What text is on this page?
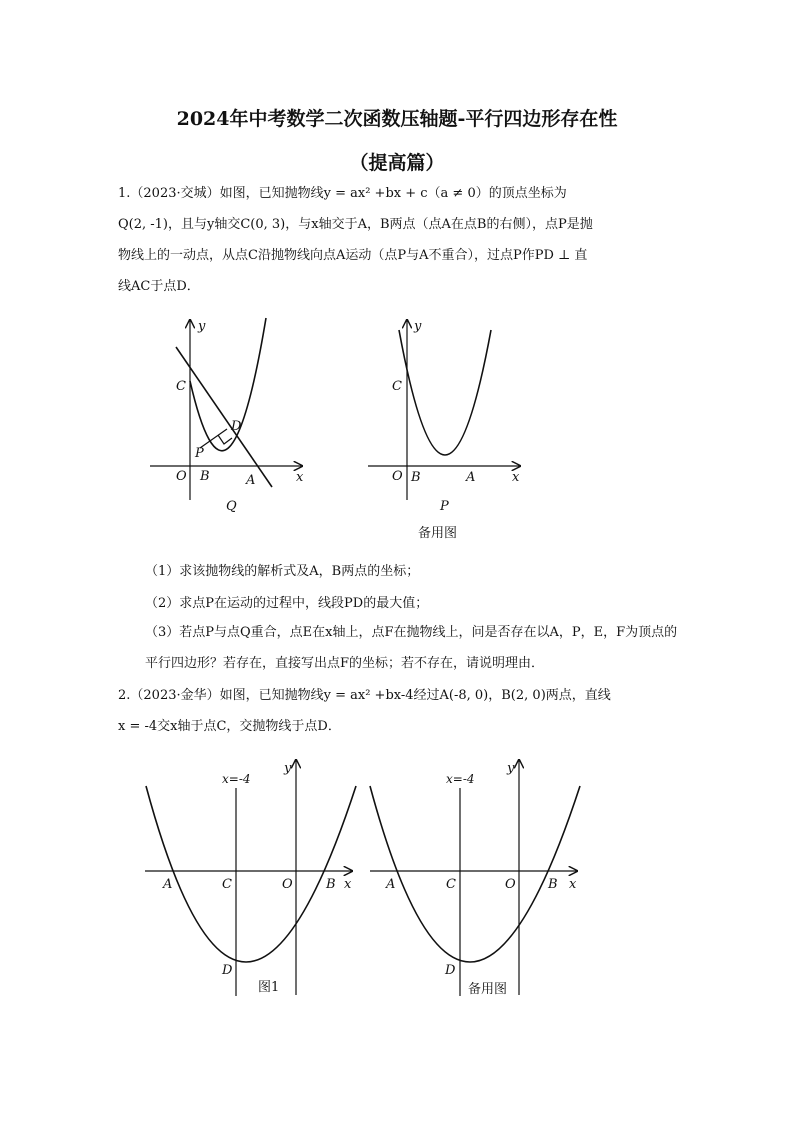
2024年中考数学二次函数压轴题-平行四边形存在性
（提高篇）
1.（2023·交城）如图，已知抛物线y = ax² +bx + c（a ≠ 0）的顶点坐标为
Q(2, -1)，且与y轴交C(0, 3)，与x轴交于A，B两点（点A在点B的右侧），点P是抛
物线上的一动点，从点C沿抛物线向点A运动（点P与A不重合），过点P作PD ⊥ 直
线AC于点D．
y
x
C
D
P
O B	A
Q
y
x
C
O B	A
P
x=-4
y
x
A	C	O	B
D
x=-4
y
x
A	C	O B
D
备用图
（1）求该抛物线的解析式及A，B两点的坐标；
（2）求点P在运动的过程中，线段PD的最大值；
（3）若点P与点Q重合，点E在x轴上，点F在抛物线上，问是否存在以A，P，E，F为顶点的平行四边形？若存在，直接写出点F的坐标；若不存在，请说明理由．
2.（2023·金华）如图，已知抛物线y = ax² +bx-4经过A(-8, 0)，B(2, 0)两点，直线
x = -4交x轴于点C，交抛物线于点D．
图1	备用图
